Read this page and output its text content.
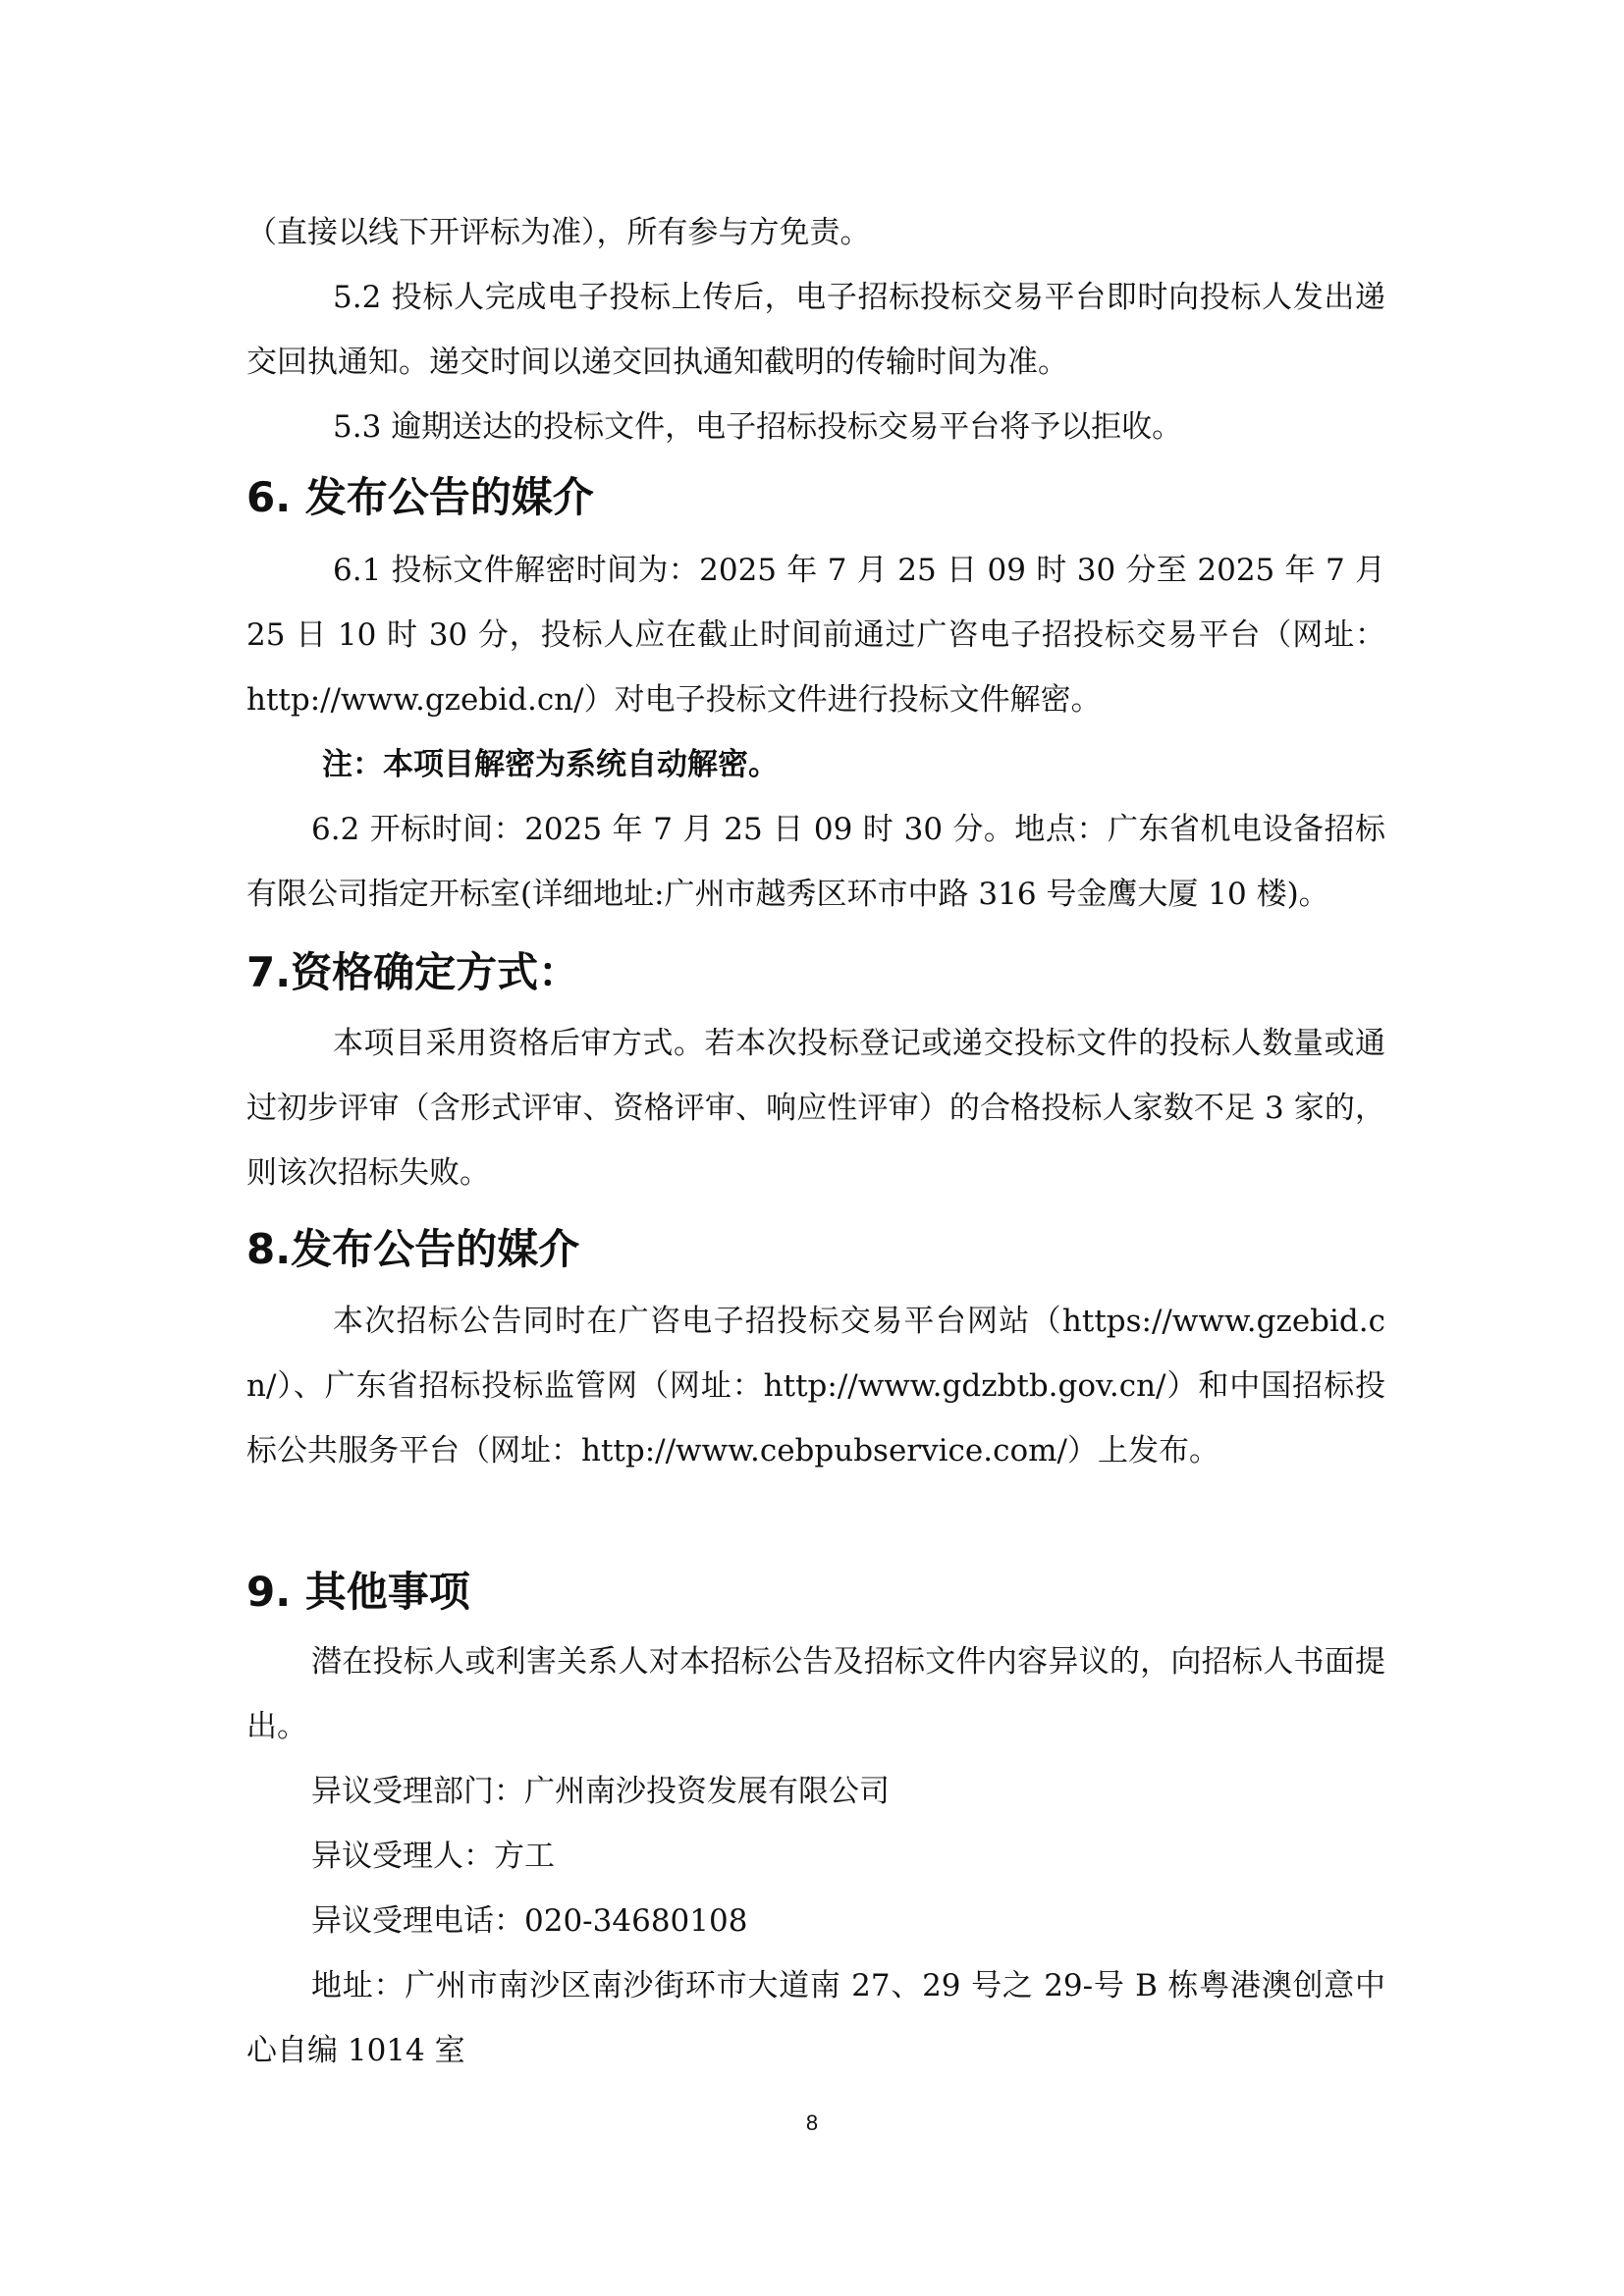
（直接以线下开评标为准），所有参与方免责。

5.2 投标人完成电子投标上传后，电子招标投标交易平台即时向投标人发出递交回执通知。递交时间以递交回执通知截明的传输时间为准。

5.3 逾期送达的投标文件，电子招标投标交易平台将予以拒收。

6. 发布公告的媒介

6.1 投标文件解密时间为：2025 年 7 月 25 日 09 时 30 分至 2025 年 7 月 25 日 10 时 30 分，投标人应在截止时间前通过广咨电子招投标交易平台（网址：http://www.gzebid.cn/）对电子投标文件进行投标文件解密。

注：本项目解密为系统自动解密。

6.2 开标时间：2025 年 7 月 25 日 09 时 30 分。地点：广东省机电设备招标有限公司指定开标室(详细地址:广州市越秀区环市中路 316 号金鹰大厦 10 楼)。

7.资格确定方式：

本项目采用资格后审方式。若本次投标登记或递交投标文件的投标人数量或通过初步评审（含形式评审、资格评审、响应性评审）的合格投标人家数不足 3 家的，则该次招标失败。

8.发布公告的媒介

本次招标公告同时在广咨电子招投标交易平台网站（https://www.gzebid.cn/）、广东省招标投标监管网（网址：http://www.gdzbtb.gov.cn/）和中国招标投标公共服务平台（网址：http://www.cebpubservice.com/）上发布。

9. 其他事项

潜在投标人或利害关系人对本招标公告及招标文件内容异议的，向招标人书面提出。

异议受理部门：广州南沙投资发展有限公司

异议受理人：方工

异议受理电话：020-34680108

地址：广州市南沙区南沙街环市大道南 27、29 号之 29-号 B 栋粤港澳创意中心自编 1014 室

8
